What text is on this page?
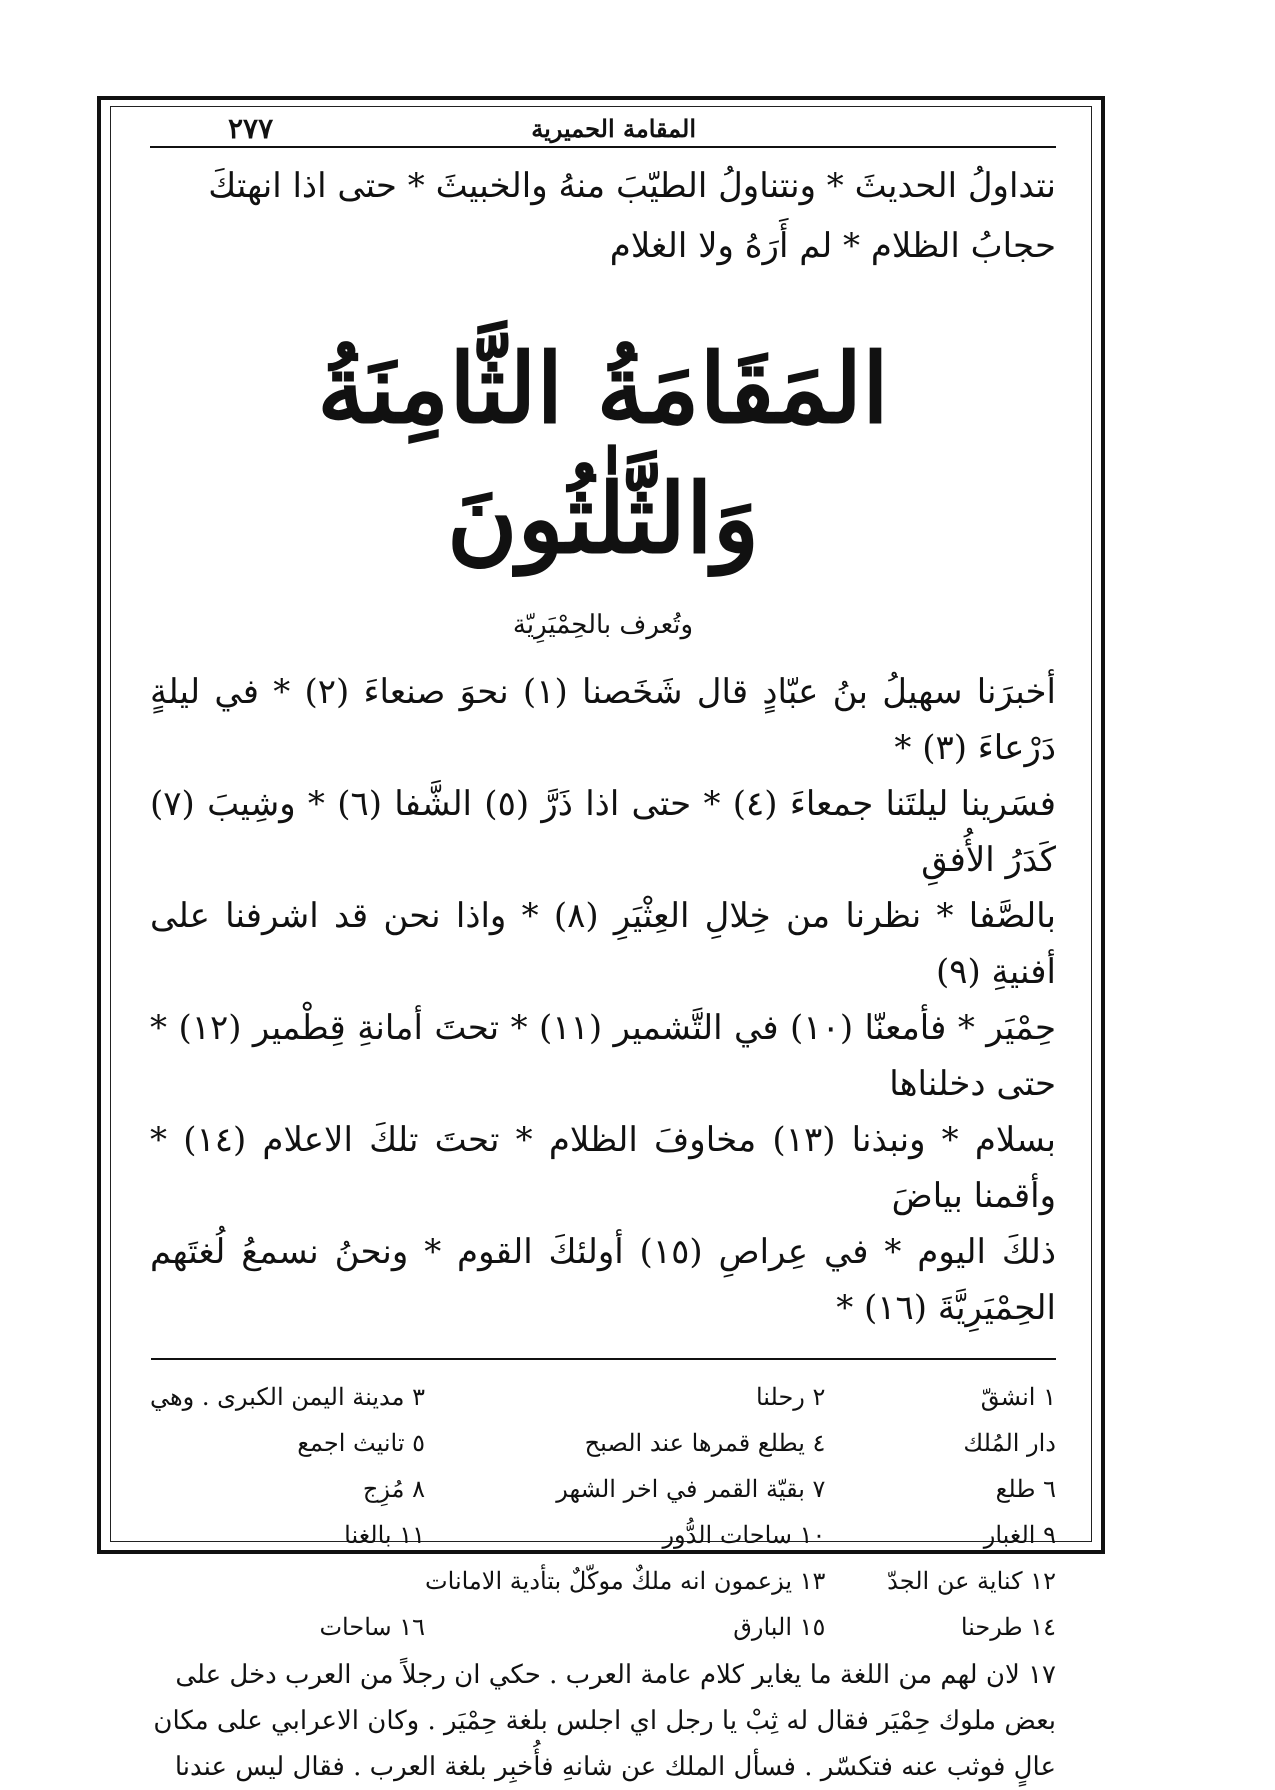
المقامة الحميرية
٢٧٧
نتداولُ الحديثَ * ونتناولُ الطيّبَ منهُ والخبيثَ * حتى اذا انهتكَ
حجابُ الظلام * لم أَرَهُ ولا الغلام
المَقَامَةُ الثَّامِنَةُ وَالثَّلٰثُونَ
وتُعرف بالحِمْيَرِيّة
أخبرَنا سهيلُ بنُ عبّادٍ قال شَخَصنا (١) نحوَ صنعاءَ (٢) * في ليلةٍ دَرْعاءَ (٣) *
فسَرينا ليلتَنا جمعاءَ (٤) * حتى اذا ذَرَّ (٥) الشَّفا (٦) * وشِيبَ (٧) كَدَرُ الأُفقِ
بالصَّفا * نظرنا من خِلالِ العِثْيَرِ (٨) * واذا نحن قد اشرفنا على أفنيةِ (٩)
حِمْيَر * فأمعنّا (١٠) في التَّشمير (١١) * تحتَ أمانةِ قِطْمير (١٢) * حتى دخلناها
بسلام * ونبذنا (١٣) مخاوفَ الظلام * تحتَ تلكَ الاعلام (١٤) * وأقمنا بياضَ
ذلكَ اليوم * في عِراصِ (١٥) أولئكَ القوم * ونحنُ نسمعُ لُغتَهم الحِمْيَرِيَّةَ (١٦) *
١ انشقّ
٢ رحلنا
٣ مدينة اليمن الكبرى . وهي
دار المُلك
٤ يطلع قمرها عند الصبح
٥ تانيث اجمع
٦ طلع
٧ بقيّة القمر في اخر الشهر
٨ مُزِج
٩ الغبار
١٠ ساحات الدُّور
١١ بالغنا
١٢ كناية عن الجدّ
١٣ يزعمون انه ملكٌ موكّلٌ بتأدية الامانات
١٤ طرحنا
١٥ البارق
١٦ ساحات
١٧ لان لهم من اللغة ما يغاير كلام عامة العرب . حكي ان رجلاً من العرب دخل على
بعض ملوك حِمْيَر فقال له ثِبْ يا رجل اي اجلس بلغة حِمْيَر . وكان الاعرابي على مكان
عالٍ فوثب عنه فتكسّر . فسأل الملك عن شانهِ فأُخبِر بلغة العرب . فقال ليس عندنا
